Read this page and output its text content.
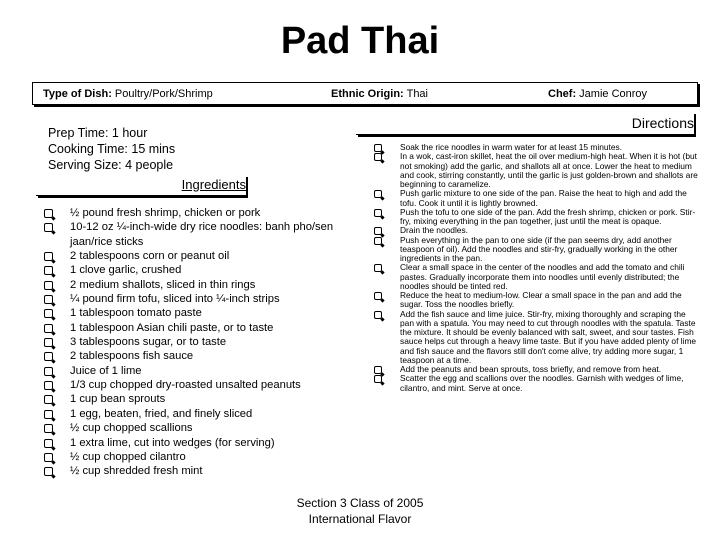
Pad Thai
Type of Dish: Poultry/Pork/Shrimp	Ethnic Origin: Thai	Chef: Jamie Conroy
Prep Time: 1 hour
Cooking Time: 15 mins
Serving Size: 4 people
Ingredients
½ pound fresh shrimp, chicken or pork
10-12 oz ¼-inch-wide dry rice noodles: banh pho/sen jaan/rice sticks
2 tablespoons corn or peanut oil
1 clove garlic, crushed
2 medium shallots, sliced in thin rings
¼ pound firm tofu, sliced into ¼-inch strips
1 tablespoon tomato paste
1 tablespoon Asian chili paste, or to taste
3 tablespoons sugar, or to taste
2 tablespoons fish sauce
Juice of 1 lime
1/3 cup chopped dry-roasted unsalted peanuts
1 cup bean sprouts
1 egg, beaten, fried, and finely sliced
½ cup chopped scallions
1 extra lime, cut into wedges (for serving)
½ cup chopped cilantro
½ cup shredded fresh mint
Directions
Soak the rice noodles in warm water for at least 15 minutes.
In a wok, cast-iron skillet, heat the oil over medium-high heat. When it is hot (but not smoking) add the garlic, and shallots all at once. Lower the heat to medium and cook, stirring constantly, until the garlic is just golden-brown and shallots are beginning to caramelize.
Push garlic mixture to one side of the pan. Raise the heat to high and add the tofu. Cook it until it is lightly browned.
Push the tofu to one side of the pan. Add the fresh shrimp, chicken or pork. Stir-fry, mixing everything in the pan together, just until the meat is opaque.
Drain the noodles.
Push everything in the pan to one side (if the pan seems dry, add another teaspoon of oil). Add the noodles and stir-fry, gradually working in the other ingredients in the pan.
Clear a small space in the center of the noodles and add the tomato and chili pastes. Gradually incorporate them into noodles until evenly distributed; the noodles should be tinted red.
Reduce the heat to medium-low. Clear a small space in the pan and add the sugar. Toss the noodles briefly.
Add the fish sauce and lime juice. Stir-fry, mixing thoroughly and scraping the pan with a spatula. You may need to cut through noodles with the spatula. Taste the mixture. It should be evenly balanced with salt, sweet, and sour tastes. Fish sauce helps cut through a heavy lime taste. But if you have added plenty of lime and fish sauce and the flavors still don't come alive, try adding more sugar, 1 teaspoon at a time.
Add the peanuts and bean sprouts, toss briefly, and remove from heat.
Scatter the egg and scallions over the noodles. Garnish with wedges of lime, cilantro, and mint. Serve at once.
Section 3 Class of 2005
International Flavor
